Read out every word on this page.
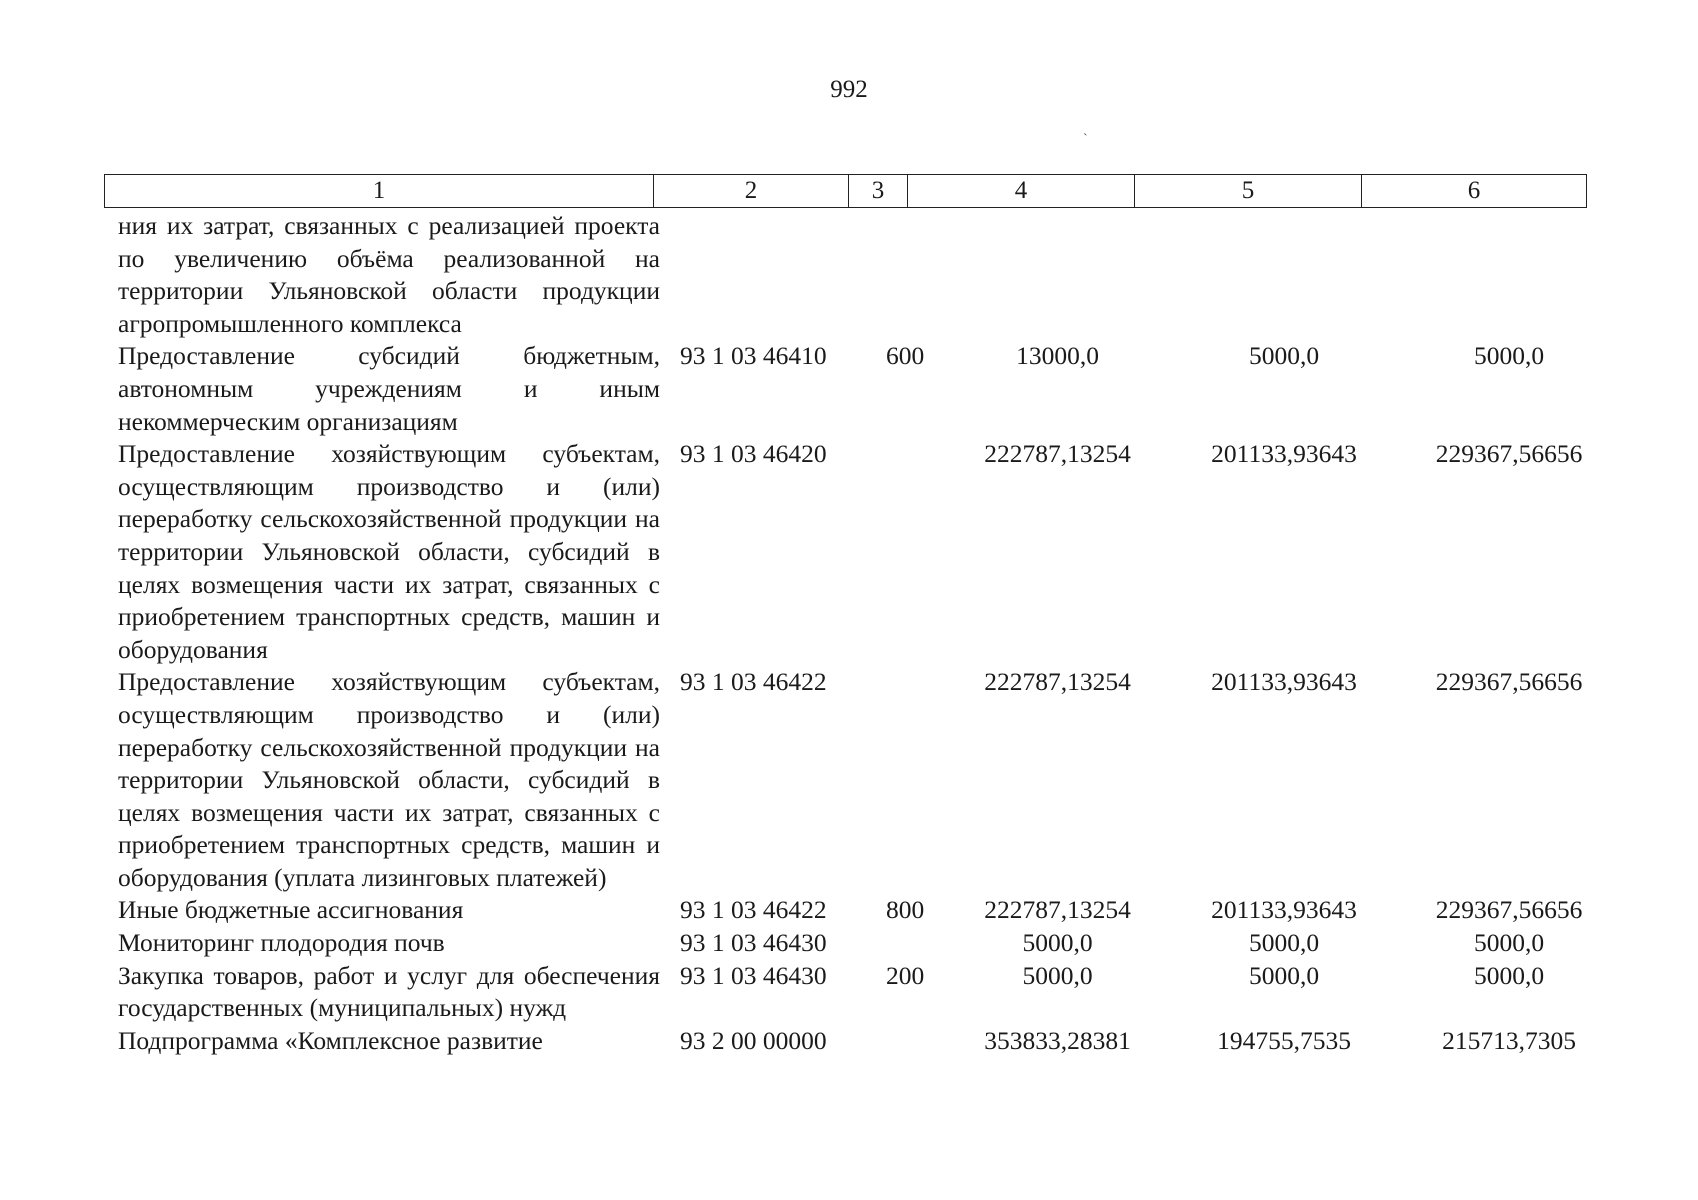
992
`
1	2	3	4	5	6
ния их затрат, связанных с реализацией проекта по увеличению объёма реализованной на территории Ульяновской области продукции агропромышленного комплекса					
Предоставление субсидий бюджетным, автономным учреждениям и иным некоммерческим организациям	93 1 03 46410	600	13000,0	5000,0	5000,0
Предоставление хозяйствующим субъектам, осуществляющим производство и (или) переработку сельскохозяйственной продукции на территории Ульяновской области, субсидий в целях возмещения части их затрат, связанных с приобретением транспортных средств, машин и оборудования	93 1 03 46420		222787,13254	201133,93643	229367,56656
Предоставление хозяйствующим субъектам, осуществляющим производство и (или) переработку сельскохозяйственной продукции на территории Ульяновской области, субсидий в целях возмещения части их затрат, связанных с приобретением транспортных средств, машин и оборудования (уплата лизинговых платежей)	93 1 03 46422		222787,13254	201133,93643	229367,56656
Иные бюджетные ассигнования	93 1 03 46422	800	222787,13254	201133,93643	229367,56656
Мониторинг плодородия почв	93 1 03 46430		5000,0	5000,0	5000,0
Закупка товаров, работ и услуг для обеспечения государственных (муниципальных) нужд	93 1 03 46430	200	5000,0	5000,0	5000,0
Подпрограмма «Комплексное развитие	93 2 00 00000		353833,28381	194755,7535	215713,7305
